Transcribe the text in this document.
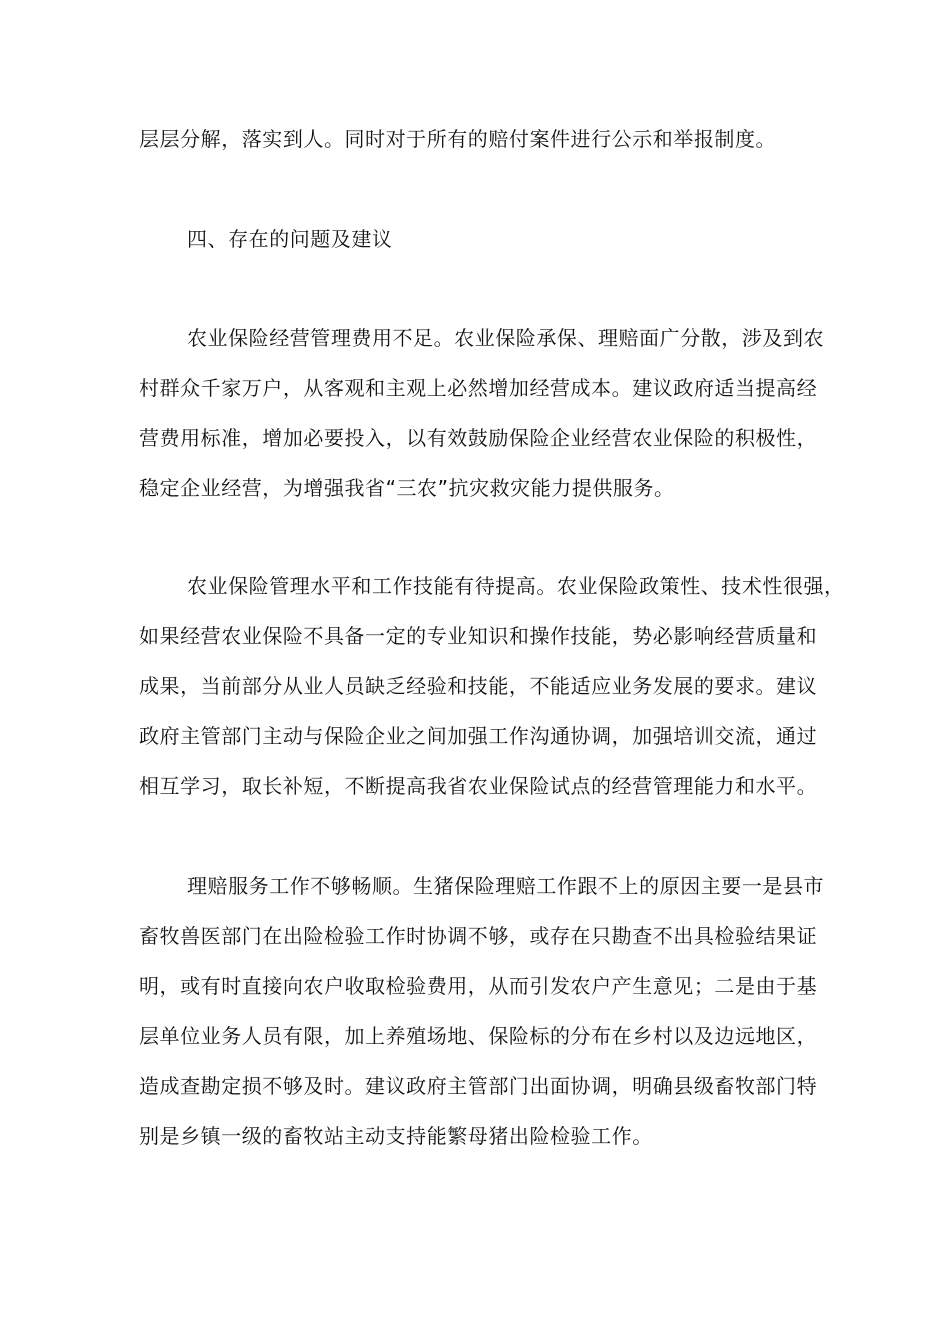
层层分解，落实到人。同时对于所有的赔付案件进行公示和举报制度。
四、存在的问题及建议
农业保险经营管理费用不足。农业保险承保、理赔面广分散，涉及到农
村群众千家万户，从客观和主观上必然增加经营成本。建议政府适当提高经
营费用标准，增加必要投入，以有效鼓励保险企业经营农业保险的积极性，
稳定企业经营，为增强我省“三农”抗灾救灾能力提供服务。
农业保险管理水平和工作技能有待提高。农业保险政策性、技术性很强，
如果经营农业保险不具备一定的专业知识和操作技能，势必影响经营质量和
成果，当前部分从业人员缺乏经验和技能，不能适应业务发展的要求。建议
政府主管部门主动与保险企业之间加强工作沟通协调，加强培训交流，通过
相互学习，取长补短，不断提高我省农业保险试点的经营管理能力和水平。
理赔服务工作不够畅顺。生猪保险理赔工作跟不上的原因主要一是县市
畜牧兽医部门在出险检验工作时协调不够，或存在只勘查不出具检验结果证
明，或有时直接向农户收取检验费用，从而引发农户产生意见；二是由于基
层单位业务人员有限，加上养殖场地、保险标的分布在乡村以及边远地区，
造成查勘定损不够及时。建议政府主管部门出面协调，明确县级畜牧部门特
别是乡镇一级的畜牧站主动支持能繁母猪出险检验工作。
